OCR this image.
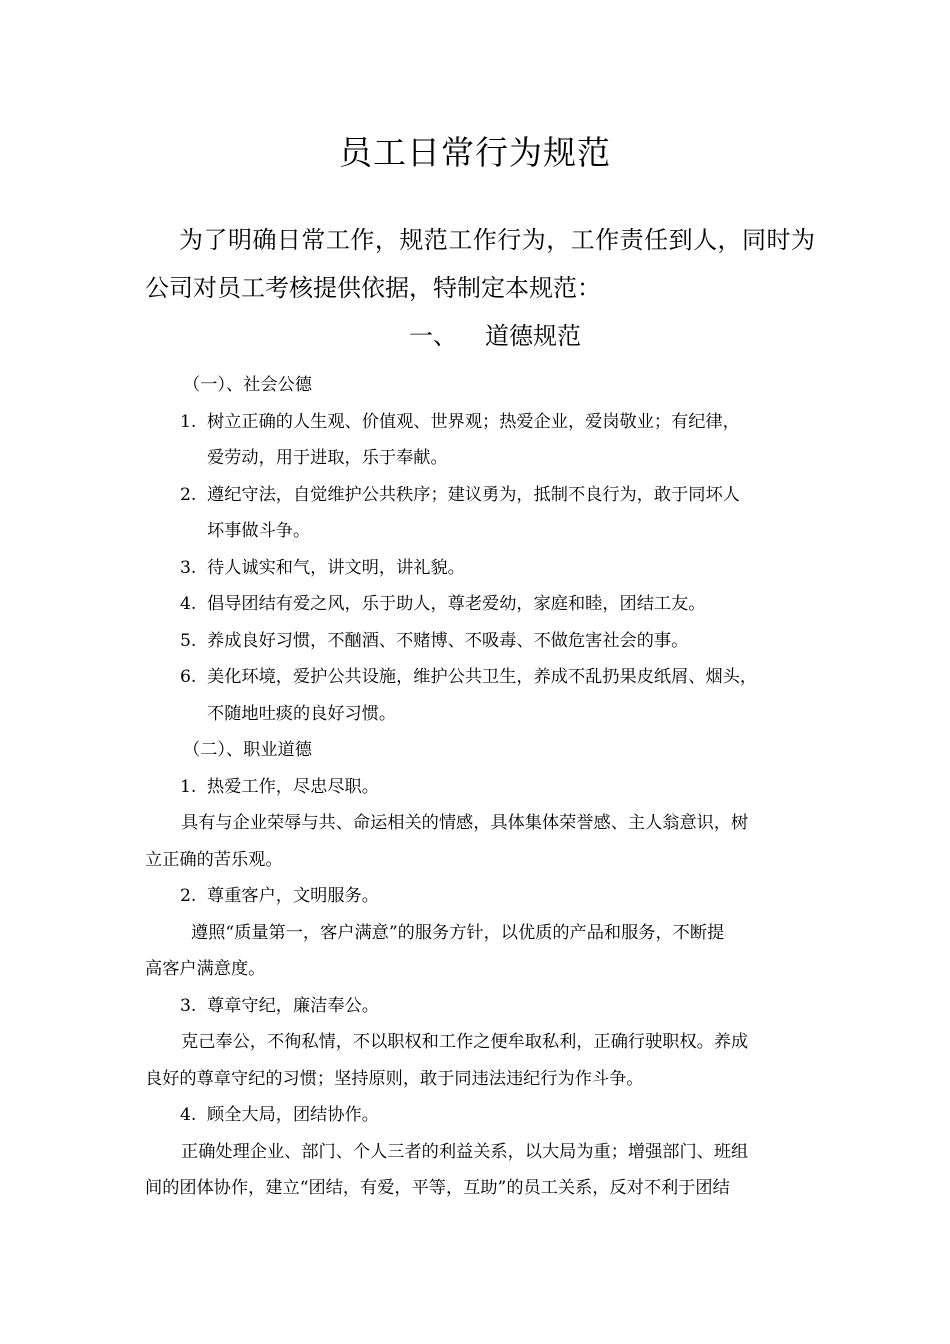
员工日常行为规范
为了明确日常工作，规范工作行为，工作责任到人，同时为公司对员工考核提供依据，特制定本规范：
一、 道德规范
（一）、社会公德
1. 树立正确的人生观、价值观、世界观；热爱企业，爱岗敬业；有纪律，
爱劳动，用于进取，乐于奉献。
2. 遵纪守法，自觉维护公共秩序；建议勇为，抵制不良行为，敢于同坏人
坏事做斗争。
3. 待人诚实和气，讲文明，讲礼貌。
4. 倡导团结有爱之风，乐于助人，尊老爱幼，家庭和睦，团结工友。
5. 养成良好习惯，不酗酒、不赌博、不吸毒、不做危害社会的事。
6. 美化环境，爱护公共设施，维护公共卫生，养成不乱扔果皮纸屑、烟头，
不随地吐痰的良好习惯。
（二）、职业道德
1. 热爱工作，尽忠尽职。
具有与企业荣辱与共、命运相关的情感，具体集体荣誉感、主人翁意识，树
立正确的苦乐观。
2. 尊重客户，文明服务。
遵照“质量第一，客户满意”的服务方针，以优质的产品和服务，不断提
高客户满意度。
3. 尊章守纪，廉洁奉公。
克己奉公，不徇私情，不以职权和工作之便牟取私利，正确行驶职权。养成
良好的尊章守纪的习惯；坚持原则，敢于同违法违纪行为作斗争。
4. 顾全大局，团结协作。
正确处理企业、部门、个人三者的利益关系，以大局为重；增强部门、班组
间的团体协作，建立“团结，有爱，平等，互助”的员工关系，反对不利于团结
